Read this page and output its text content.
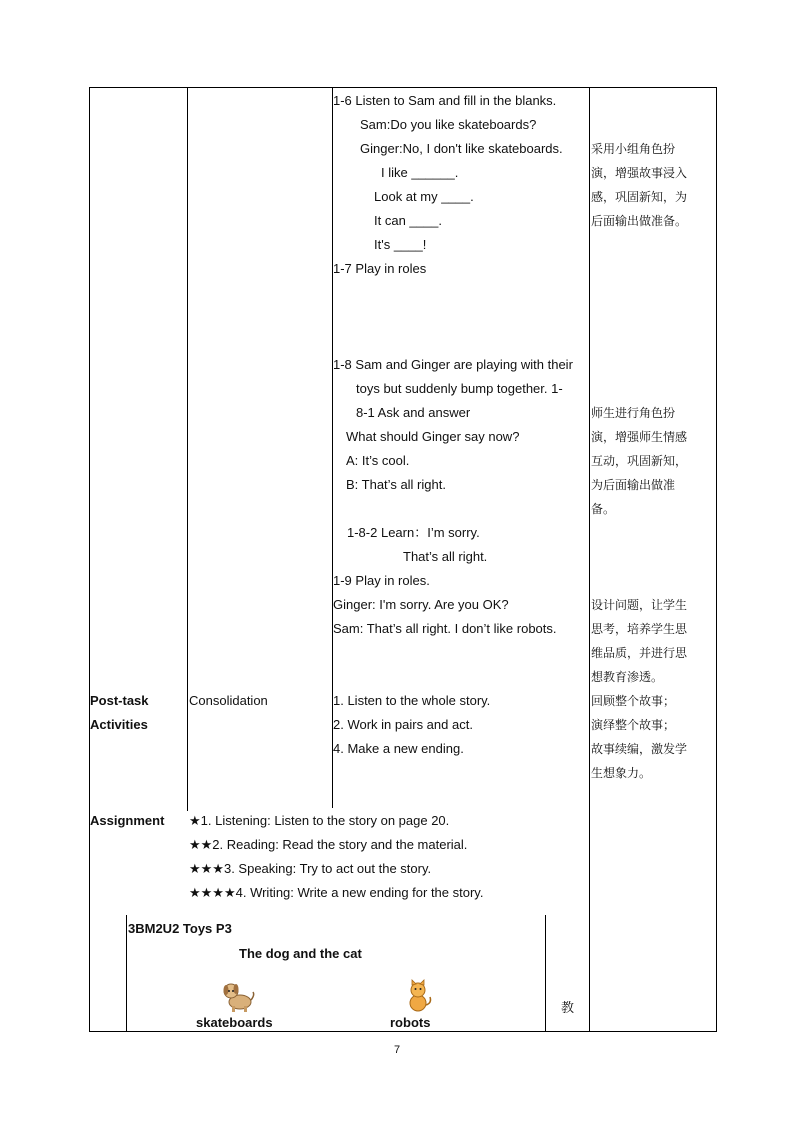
1-6 Listen to Sam and fill in the blanks.
Sam:Do you like skateboards?
Ginger:No, I don't like skateboards.
I like ______.
Look at my ____.
It can ____.
It's ____!
1-7 Play in roles
1-8 Sam and Ginger are playing with their
toys but suddenly bump together. 1-
8-1 Ask and answer
What should Ginger say now?
A: It’s cool.
B: That’s all right.
1-8-2 Learn：I’m sorry.
That’s all right.
1-9 Play in roles.
Ginger: I'm sorry. Are you OK?
Sam: That’s all right. I don’t like robots.
采用小组角色扮
演，增强故事浸入
感，巩固新知，为
后面输出做准备。
师生进行角色扮
演，增强师生情感
互动，巩固新知，
为后面输出做准
备。
设计问题，让学生
思考，培养学生思
维品质，并进行思
想教育渗透。
回顾整个故事；
演绎整个故事；
故事续编，激发学
生想象力。
Post-task
Activities
Consolidation	1. Listen to the whole story.
2. Work in pairs and act.
4. Make a new ending.
Assignment ★1. Listening: Listen to the story on page 20.
★★2. Reading: Read the story and the material.
★★★3. Speaking: Try to act out the story.
★★★★4. Writing: Write a new ending for the story.
3BM2U2 Toys P3
The dog and the cat
skateboards	robots
教
7
